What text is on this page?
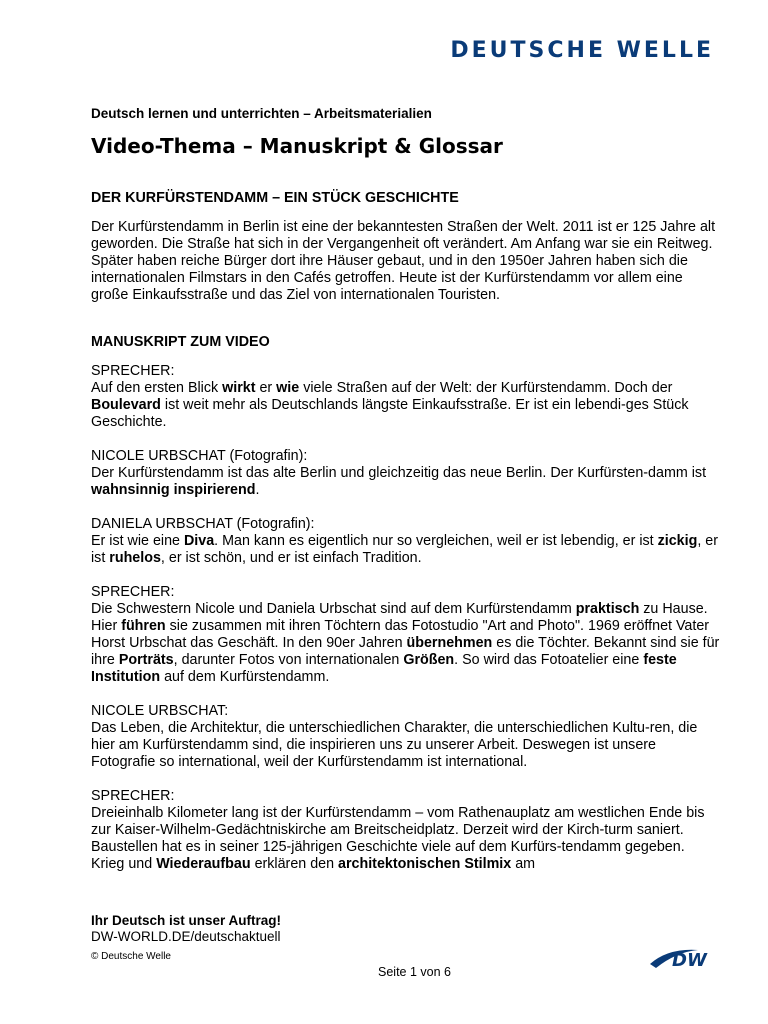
DEUTSCHE WELLE
Deutsch lernen und unterrichten – Arbeitsmaterialien
Video-Thema – Manuskript & Glossar
DER KURFÜRSTENDAMM – EIN STÜCK GESCHICHTE

Der Kurfürstendamm in Berlin ist eine der bekanntesten Straßen der Welt. 2011 ist er 125 Jahre alt geworden. Die Straße hat sich in der Vergangenheit oft verändert. Am Anfang war sie ein Reitweg. Später haben reiche Bürger dort ihre Häuser gebaut, und in den 1950er Jahren haben sich die internationalen Filmstars in den Cafés getroffen. Heute ist der Kurfürstendamm vor allem eine große Einkaufsstraße und das Ziel von internationalen Touristen.

MANUSKRIPT ZUM VIDEO

SPRECHER:
Auf den ersten Blick wirkt er wie viele Straßen auf der Welt: der Kurfürstendamm. Doch der Boulevard ist weit mehr als Deutschlands längste Einkaufsstraße. Er ist ein lebendi-ges Stück Geschichte.

NICOLE URBSCHAT (Fotografin):
Der Kurfürstendamm ist das alte Berlin und gleichzeitig das neue Berlin. Der Kurfürsten-damm ist wahnsinnig inspirierend.

DANIELA URBSCHAT (Fotografin):
Er ist wie eine Diva. Man kann es eigentlich nur so vergleichen, weil er ist lebendig, er ist zickig, er ist ruhelos, er ist schön, und er ist einfach Tradition.

SPRECHER:
Die Schwestern Nicole und Daniela Urbschat sind auf dem Kurfürstendamm praktisch zu Hause. Hier führen sie zusammen mit ihren Töchtern das Fotostudio "Art and Photo". 1969 eröffnet Vater Horst Urbschat das Geschäft. In den 90er Jahren übernehmen es die Töchter. Bekannt sind sie für ihre Porträts, darunter Fotos von internationalen Größen. So wird das Fotoatelier eine feste Institution auf dem Kurfürstendamm.

NICOLE URBSCHAT:
Das Leben, die Architektur, die unterschiedlichen Charakter, die unterschiedlichen Kultu-ren, die hier am Kurfürstendamm sind, die inspirieren uns zu unserer Arbeit. Deswegen ist unsere Fotografie so international, weil der Kurfürstendamm ist international.

SPRECHER:
Dreieinhalb Kilometer lang ist der Kurfürstendamm – vom Rathenauplatz am westlichen Ende bis zur Kaiser-Wilhelm-Gedächtniskirche am Breitscheidplatz. Derzeit wird der Kirch-turm saniert. Baustellen hat es in seiner 125-jährigen Geschichte viele auf dem Kurfürs-tendamm gegeben. Krieg und Wiederaufbau erklären den architektonischen Stilmix am

Ihr Deutsch ist unser Auftrag!
DW-WORLD.DE/deutschaktuell
© Deutsche Welle
Seite 1 von 6
DW
